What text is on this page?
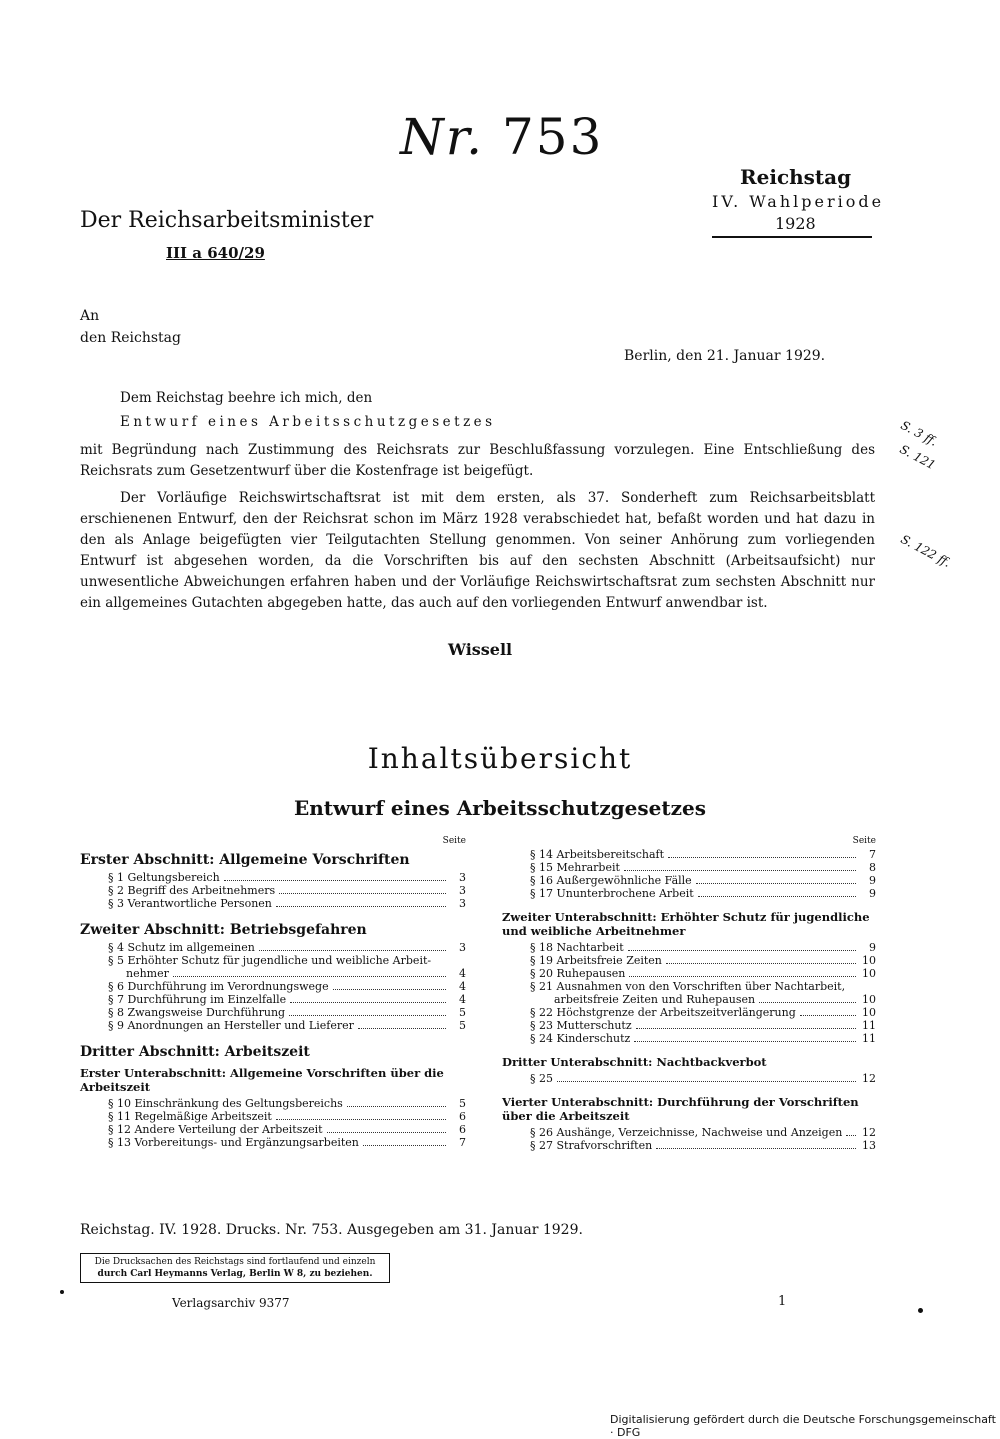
Nr. 753
Reichstag
IV. Wahlperiode
1928
Der Reichsarbeitsminister
III a 640/29
An
den Reichstag
Berlin, den 21. Januar 1929.
Dem Reichstag beehre ich mich, den
Entwurf eines Arbeitsschutzgesetzes
mit Begründung nach Zustimmung des Reichsrats zur Beschlußfassung vorzulegen. Eine Entschließung des Reichsrats zum Gesetzentwurf über die Kostenfrage ist beigefügt.
Der Vorläufige Reichswirtschaftsrat ist mit dem ersten, als 37. Sonderheft zum Reichsarbeitsblatt erschienenen Entwurf, den der Reichsrat schon im März 1928 verabschiedet hat, befaßt worden und hat dazu in den als Anlage beigefügten vier Teilgutachten Stellung genommen. Von seiner Anhörung zum vorliegenden Entwurf ist abgesehen worden, da die Vorschriften bis auf den sechsten Abschnitt (Arbeitsaufsicht) nur unwesentliche Abweichungen erfahren haben und der Vorläufige Reichswirtschaftsrat zum sechsten Abschnitt nur ein allgemeines Gutachten abgegeben hatte, das auch auf den vorliegenden Entwurf anwendbar ist.
S. 3 ff.
S. 121
S. 122 ff.
Wissell
Inhaltsübersicht
Entwurf eines Arbeitsschutzgesetzes
Seite
Erster Abschnitt: Allgemeine Vorschriften
§ 1 Geltungsbereich	3
§ 2 Begriff des Arbeitnehmers	3
§ 3 Verantwortliche Personen	3
Zweiter Abschnitt: Betriebsgefahren
§ 4 Schutz im allgemeinen	3
§ 5 Erhöhter Schutz für jugendliche und weibliche Arbeit-
nehmer	4
§ 6 Durchführung im Verordnungswege	4
§ 7 Durchführung im Einzelfalle	4
§ 8 Zwangsweise Durchführung	5
§ 9 Anordnungen an Hersteller und Lieferer	5
Dritter Abschnitt: Arbeitszeit
Erster Unterabschnitt: Allgemeine Vorschriften über die Arbeitszeit
§ 10 Einschränkung des Geltungsbereichs	5
§ 11 Regelmäßige Arbeitszeit	6
§ 12 Andere Verteilung der Arbeitszeit	6
§ 13 Vorbereitungs- und Ergänzungsarbeiten	7
Seite
§ 14 Arbeitsbereitschaft	7
§ 15 Mehrarbeit	8
§ 16 Außergewöhnliche Fälle	9
§ 17 Ununterbrochene Arbeit	9
Zweiter Unterabschnitt: Erhöhter Schutz für jugendliche und weibliche Arbeitnehmer
§ 18 Nachtarbeit	9
§ 19 Arbeitsfreie Zeiten	10
§ 20 Ruhepausen	10
§ 21 Ausnahmen von den Vorschriften über Nachtarbeit,
arbeitsfreie Zeiten und Ruhepausen	10
§ 22 Höchstgrenze der Arbeitszeitverlängerung	10
§ 23 Mutterschutz	11
§ 24 Kinderschutz	11
Dritter Unterabschnitt: Nachtbackverbot
§ 25	12
Vierter Unterabschnitt: Durchführung der Vorschriften über die Arbeitszeit
§ 26 Aushänge, Verzeichnisse, Nachweise und Anzeigen 12
§ 27 Strafvorschriften	13
Reichstag. IV. 1928. Drucks. Nr. 753. Ausgegeben am 31. Januar 1929.
Die Drucksachen des Reichstags sind fortlaufend und einzeln
durch Carl Heymanns Verlag, Berlin W 8, zu beziehen.
Verlagsarchiv 9377	1
Digitalisierung gefördert durch die Deutsche Forschungsgemeinschaft · DFG
